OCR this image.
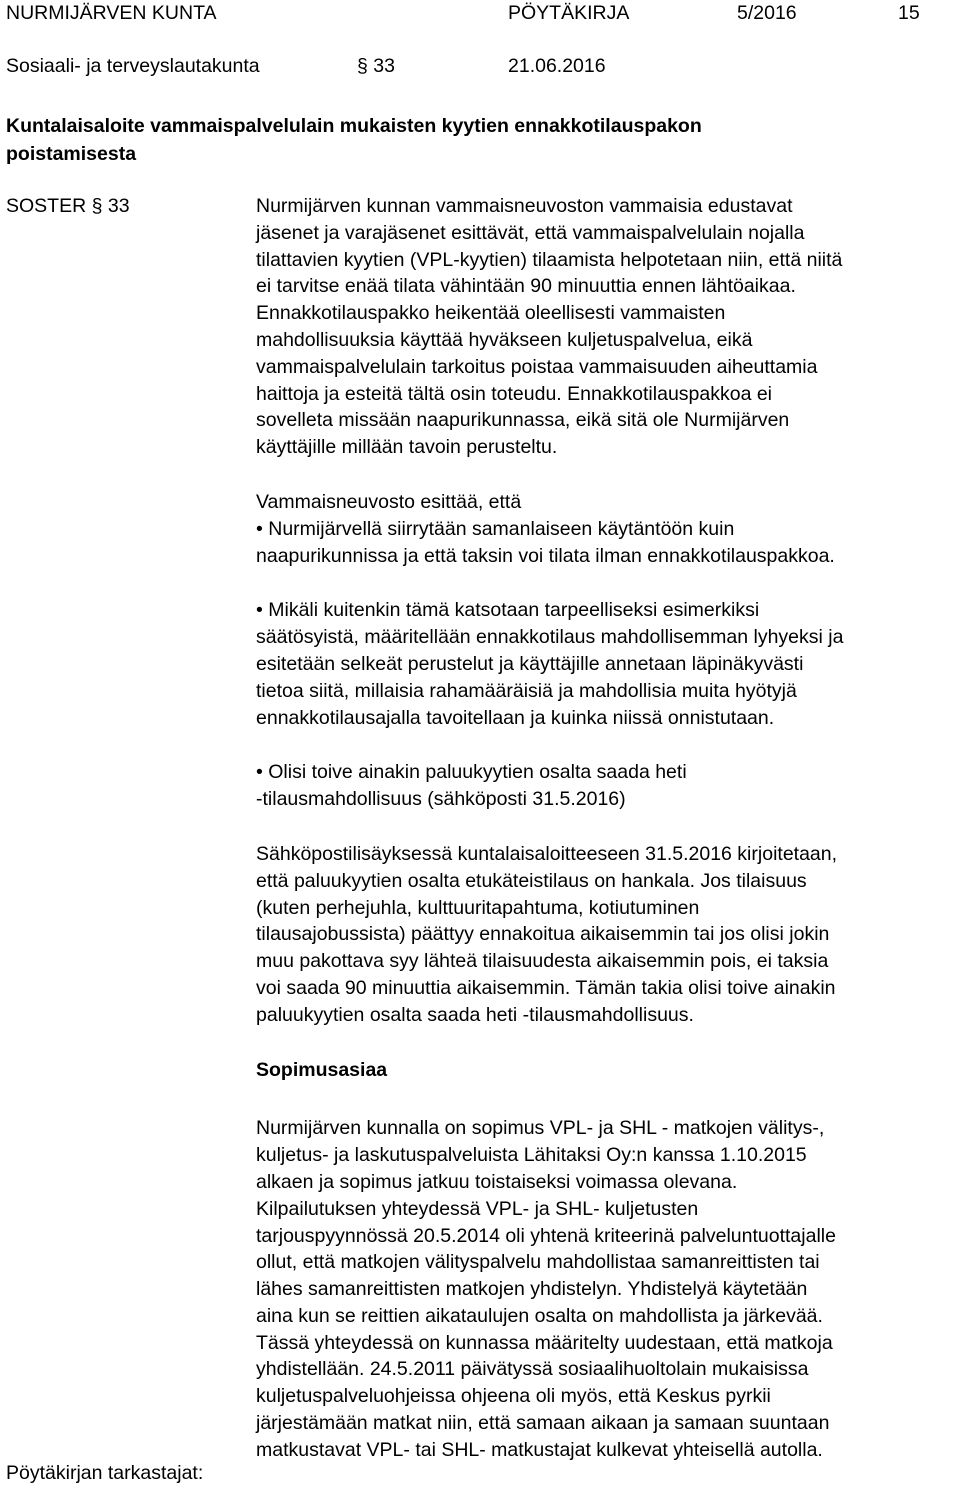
NURMIJÄRVEN KUNTA	PÖYTÄKIRJA	5/2016	15
Sosiaali- ja terveyslautakunta	§ 33	21.06.2016
Kuntalaisaloite vammaispalvelulain mukaisten kyytien ennakkotilauspakon
poistamisesta
SOSTER § 33	Nurmijärven kunnan vammaisneuvoston vammaisia edustavat
jäsenet ja varajäsenet esittävät, että vammaispalvelulain nojalla
tilattavien kyytien (VPL-kyytien) tilaamista helpotetaan niin, että niitä
ei tarvitse enää tilata vähintään 90 minuuttia ennen lähtöaikaa.
Ennakkotilauspakko heikentää oleellisesti vammaisten
mahdollisuuksia käyttää hyväkseen kuljetuspalvelua, eikä
vammaispalvelulain tarkoitus poistaa vammaisuuden aiheuttamia
haittoja ja esteitä tältä osin toteudu. Ennakkotilauspakkoa ei
sovelleta missään naapurikunnassa, eikä sitä ole Nurmijärven
käyttäjille millään tavoin perusteltu.

Vammaisneuvosto esittää, että

• Nurmijärvellä siirrytään samanlaiseen käytäntöön kuin
naapurikunnissa ja että taksin voi tilata ilman ennakkotilauspakkoa.

• Mikäli kuitenkin tämä katsotaan tarpeelliseksi esimerkiksi
säätösyistä, määritellään ennakkotilaus mahdollisemman lyhyeksi ja
esitetään selkeät perustelut ja käyttäjille annetaan läpinäkyvästi
tietoa siitä, millaisia rahamääräisiä ja mahdollisia muita hyötyjä
ennakkotilausajalla tavoitellaan ja kuinka niissä onnistutaan.

• Olisi toive ainakin paluukyytien osalta saada heti
-tilausmahdollisuus (sähköposti 31.5.2016)

Sähköpostilisäyksessä kuntalaisaloitteeseen 31.5.2016 kirjoitetaan,
että paluukyytien osalta etukäteistilaus on hankala. Jos tilaisuus
(kuten perhejuhla, kulttuuritapahtuma, kotiutuminen
tilausajobussista) päättyy ennakoitua aikaisemmin tai jos olisi jokin
muu pakottava syy lähteä tilaisuudesta aikaisemmin pois, ei taksia
voi saada 90 minuuttia aikaisemmin. Tämän takia olisi toive ainakin
paluukyytien osalta saada heti -tilausmahdollisuus.

Sopimusasiaa

Nurmijärven kunnalla on sopimus VPL- ja SHL - matkojen välitys-,
kuljetus- ja laskutuspalveluista Lähitaksi Oy:n kanssa 1.10.2015
alkaen ja sopimus jatkuu toistaiseksi voimassa olevana.
Kilpailutuksen yhteydessä VPL- ja SHL- kuljetusten
tarjouspyynnössä 20.5.2014 oli yhtenä kriteerinä palveluntuottajalle
ollut, että matkojen välityspalvelu mahdollistaa samanreittisten tai
lähes samanreittisten matkojen yhdistelyn. Yhdistelyä käytetään
aina kun se reittien aikataulujen osalta on mahdollista ja järkevää.
Tässä yhteydessä on kunnassa määritelty uudestaan, että matkoja
yhdistellään. 24.5.2011 päivätyssä sosiaalihuoltolain mukaisissa
kuljetuspalveluohjeissa ohjeena oli myös, että Keskus pyrkii
järjestämään matkat niin, että samaan aikaan ja samaan suuntaan
matkustavat VPL- tai SHL- matkustajat kulkevat yhteisellä autolla.

Pöytäkirjan tarkastajat:
